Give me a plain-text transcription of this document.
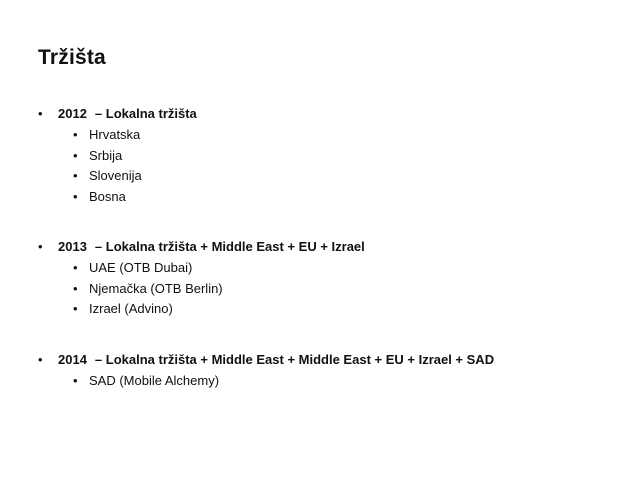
Tržišta
• 2012 – Lokalna tržišta
• Hrvatska
• Srbija
• Slovenija
• Bosna
• 2013 – Lokalna tržišta + Middle East + EU + Izrael
• UAE (OTB Dubai)
• Njemačka (OTB Berlin)
• Izrael (Advino)
• 2014 – Lokalna tržišta + Middle East + Middle East + EU + Izrael + SAD
• SAD (Mobile Alchemy)
